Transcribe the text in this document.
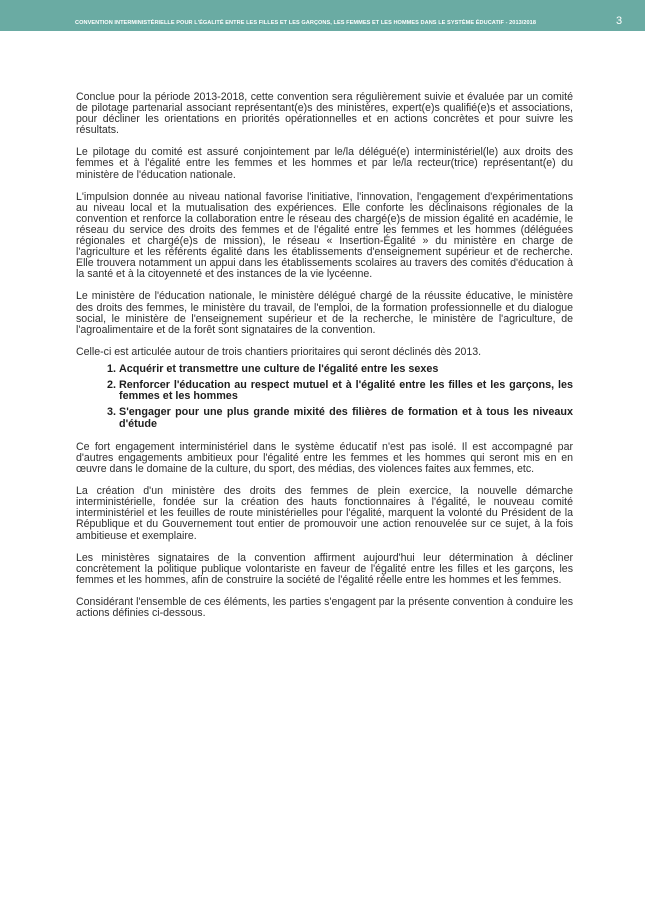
CONVENTION INTERMINISTÉRIELLE POUR L'ÉGALITÉ ENTRE LES FILLES ET LES GARÇONS, LES FEMMES ET LES HOMMES DANS LE SYSTÈME ÉDUCATIF - 2013/2018	3

Conclue pour la période 2013-2018, cette convention sera régulièrement suivie et évaluée par un comité de pilotage partenarial associant représentant(e)s des ministères, expert(e)s qualifié(e)s et associations, pour décliner les orientations en priorités opérationnelles et en actions concrètes et pour suivre les résultats.

Le pilotage du comité est assuré conjointement par le/la délégué(e) interministériel(le) aux droits des femmes et à l'égalité entre les femmes et les hommes et par le/la recteur(trice) représentant(e) du ministère de l'éducation nationale.

L'impulsion donnée au niveau national favorise l'initiative, l'innovation, l'engagement d'expérimentations au niveau local et la mutualisation des expériences. Elle conforte les déclinaisons régionales de la convention et renforce la collaboration entre le réseau des chargé(e)s de mission égalité en académie, le réseau du service des droits des femmes et de l'égalité entre les femmes et les hommes (déléguées régionales et chargé(e)s de mission), le réseau « Insertion-Égalité » du ministère en charge de l'agriculture et les référents égalité dans les établissements d'enseignement supérieur et de recherche. Elle trouvera notamment un appui dans les établissements scolaires au travers des comités d'éducation à la santé et à la citoyenneté et des instances de la vie lycéenne.

Le ministère de l'éducation nationale, le ministère délégué chargé de la réussite éducative, le ministère des droits des femmes, le ministère du travail, de l'emploi, de la formation professionnelle et du dialogue social, le ministère de l'enseignement supérieur et de la recherche, le ministère de l'agriculture, de l'agroalimentaire et de la forêt sont signataires de la convention.

Celle-ci est articulée autour de trois chantiers prioritaires qui seront déclinés dès 2013.

1. Acquérir et transmettre une culture de l'égalité entre les sexes
2. Renforcer l'éducation au respect mutuel et à l'égalité entre les filles et les garçons, les femmes et les hommes
3. S'engager pour une plus grande mixité des filières de formation et à tous les niveaux d'étude

Ce fort engagement interministériel dans le système éducatif n'est pas isolé. Il est accompagné par d'autres engagements ambitieux pour l'égalité entre les femmes et les hommes qui seront mis en en œuvre dans le domaine de la culture, du sport, des médias, des violences faites aux femmes, etc.

La création d'un ministère des droits des femmes de plein exercice, la nouvelle démarche interministérielle, fondée sur la création des hauts fonctionnaires à l'égalité, le nouveau comité interministériel et les feuilles de route ministérielles pour l'égalité, marquent la volonté du Président de la République et du Gouvernement tout entier de promouvoir une action renouvelée sur ce sujet, à la fois ambitieuse et exemplaire.

Les ministères signataires de la convention affirment aujourd'hui leur détermination à décliner concrètement la politique publique volontariste en faveur de l'égalité entre les filles et les garçons, les femmes et les hommes, afin de construire la société de l'égalité réelle entre les hommes et les femmes.

Considérant l'ensemble de ces éléments, les parties s'engagent par la présente convention à conduire les actions définies ci-dessous.
